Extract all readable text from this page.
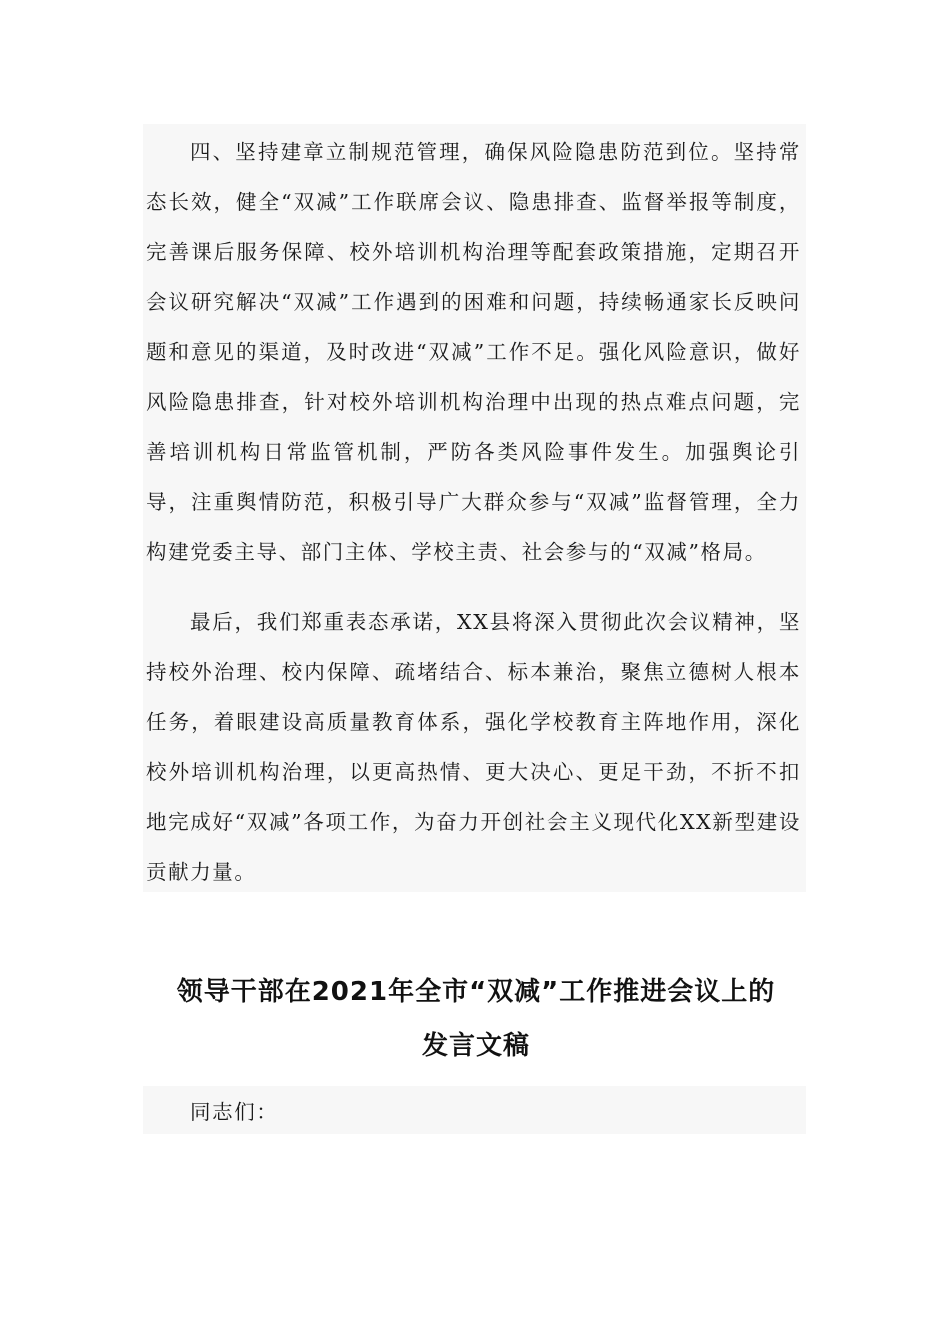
四、坚持建章立制规范管理，确保风险隐患防范到位。坚持常态长效，健全“双减”工作联席会议、隐患排查、监督举报等制度，完善课后服务保障、校外培训机构治理等配套政策措施，定期召开会议研究解决“双减”工作遇到的困难和问题，持续畅通家长反映问题和意见的渠道，及时改进“双减”工作不足。强化风险意识，做好风险隐患排查，针对校外培训机构治理中出现的热点难点问题，完善培训机构日常监管机制，严防各类风险事件发生。加强舆论引导，注重舆情防范，积极引导广大群众参与“双减”监督管理，全力构建党委主导、部门主体、学校主责、社会参与的“双减”格局。

最后，我们郑重表态承诺，XX县将深入贯彻此次会议精神，坚持校外治理、校内保障、疏堵结合、标本兼治，聚焦立德树人根本任务，着眼建设高质量教育体系，强化学校教育主阵地作用，深化校外培训机构治理，以更高热情、更大决心、更足干劲，不折不扣地完成好“双减”各项工作，为奋力开创社会主义现代化XX新型建设贡献力量。

领导干部在2021年全市“双减”工作推进会议上的
发言文稿

同志们：
